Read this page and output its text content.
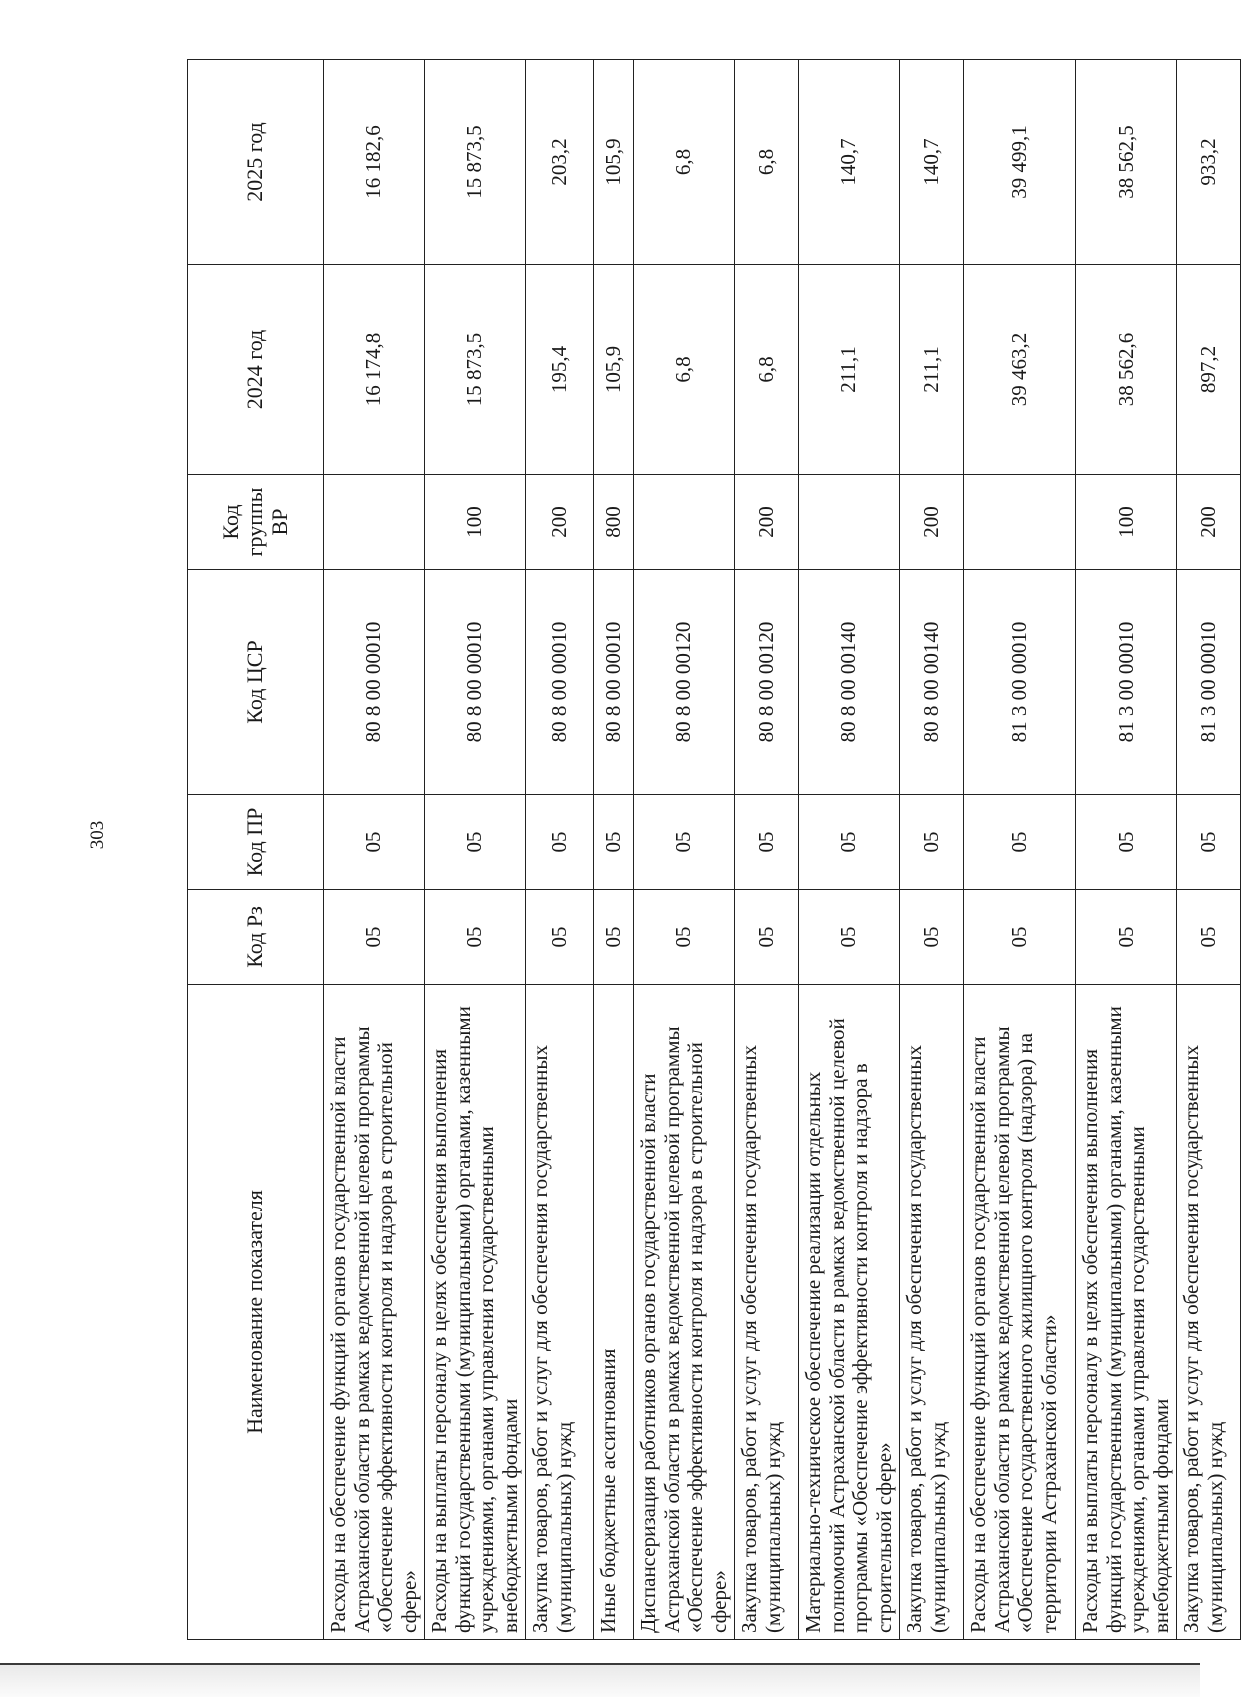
303
Наименование показателя	Код Рз	Код ПР	Код ЦСР	Код группы ВР	2024 год	2025 год
Расходы на обеспечение функций органов государственной власти Астраханской области в рамках ведомственной целевой программы «Обеспечение эффективности контроля и надзора в строительной сфере»	05	05	80 8 00 00010		16 174,8	16 182,6
Расходы на выплаты персоналу в целях обеспечения выполнения функций государственными (муниципальными) органами, казенными учреждениями, органами управления государственными внебюджетными фондами	05	05	80 8 00 00010	100	15 873,5	15 873,5
Закупка товаров, работ и услуг для обеспечения государственных (муниципальных) нужд	05	05	80 8 00 00010	200	195,4	203,2
Иные бюджетные ассигнования	05	05	80 8 00 00010	800	105,9	105,9
Диспансеризация работников органов государственной власти Астраханской области в рамках ведомственной целевой программы «Обеспечение эффективности контроля и надзора в строительной сфере»	05	05	80 8 00 00120		6,8	6,8
Закупка товаров, работ и услуг для обеспечения государственных (муниципальных) нужд	05	05	80 8 00 00120	200	6,8	6,8
Материально-техническое обеспечение реализации отдельных полномочий Астраханской области в рамках ведомственной целевой программы «Обеспечение эффективности контроля и надзора в строительной сфере»	05	05	80 8 00 00140		211,1	140,7
Закупка товаров, работ и услуг для обеспечения государственных (муниципальных) нужд	05	05	80 8 00 00140	200	211,1	140,7
Расходы на обеспечение функций органов государственной власти Астраханской области в рамках ведомственной целевой программы «Обеспечение государственного жилищного контроля (надзора) на территории Астраханской области»	05	05	81 3 00 00010		39 463,2	39 499,1
Расходы на выплаты персоналу в целях обеспечения выполнения функций государственными (муниципальными) органами, казенными учреждениями, органами управления государственными внебюджетными фондами	05	05	81 3 00 00010	100	38 562,6	38 562,5
Закупка товаров, работ и услуг для обеспечения государственных (муниципальных) нужд	05	05	81 3 00 00010	200	897,2	933,2
